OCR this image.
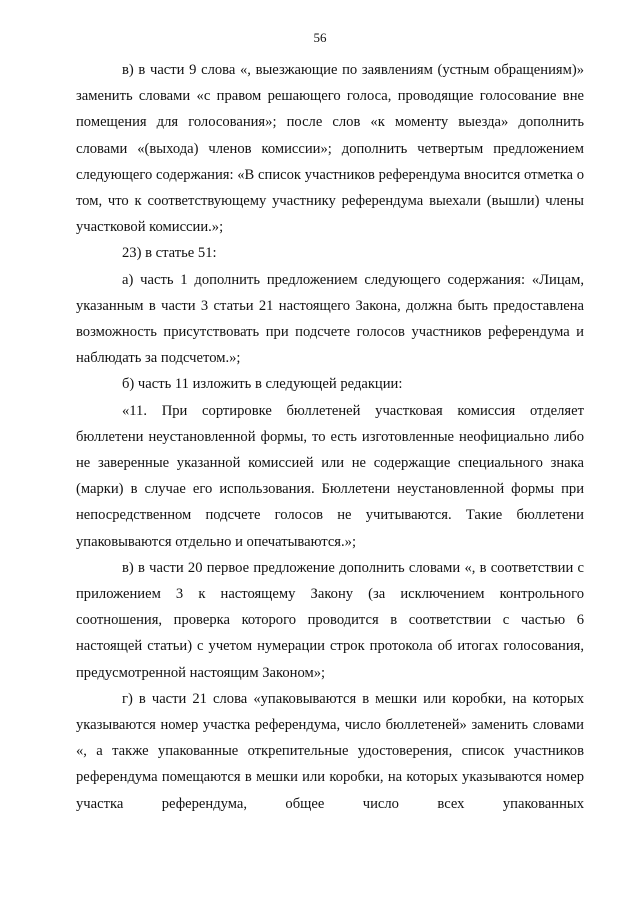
56

в) в части 9 слова «, выезжающие по заявлениям (устным обращениям)» заменить словами «с правом решающего голоса, проводящие голосование вне помещения для голосования»; после слов «к моменту выезда» дополнить словами «(выхода) членов комиссии»; дополнить четвертым предложением следующего содержания: «В список участников референдума вносится отметка о том, что к соответствующему участнику референдума выехали (вышли) члены участковой комиссии.»;

23) в статье 51:

а) часть 1 дополнить предложением следующего содержания: «Лицам, указанным в части 3 статьи 21 настоящего Закона, должна быть предоставлена возможность присутствовать при подсчете голосов участников референдума и наблюдать за подсчетом.»;

б) часть 11 изложить в следующей редакции:

«11. При сортировке бюллетеней участковая комиссия отделяет бюллетени неустановленной формы, то есть изготовленные неофициально либо не заверенные указанной комиссией или не содержащие специального знака (марки) в случае его использования. Бюллетени неустановленной формы при непосредственном подсчете голосов не учитываются. Такие бюллетени упаковываются отдельно и опечатываются.»;

в) в части 20 первое предложение дополнить словами «, в соответствии с приложением 3 к настоящему Закону (за исключением контрольного соотношения, проверка которого проводится в соответствии с частью 6 настоящей статьи) с учетом нумерации строк протокола об итогах голосования, предусмотренной настоящим Законом»;

г) в части 21 слова «упаковываются в мешки или коробки, на которых указываются номер участка референдума, число бюллетеней» заменить словами «, а также упакованные открепительные удостоверения, список участников референдума помещаются в мешки или коробки, на которых указываются номер участка референдума, общее число всех упакованных
